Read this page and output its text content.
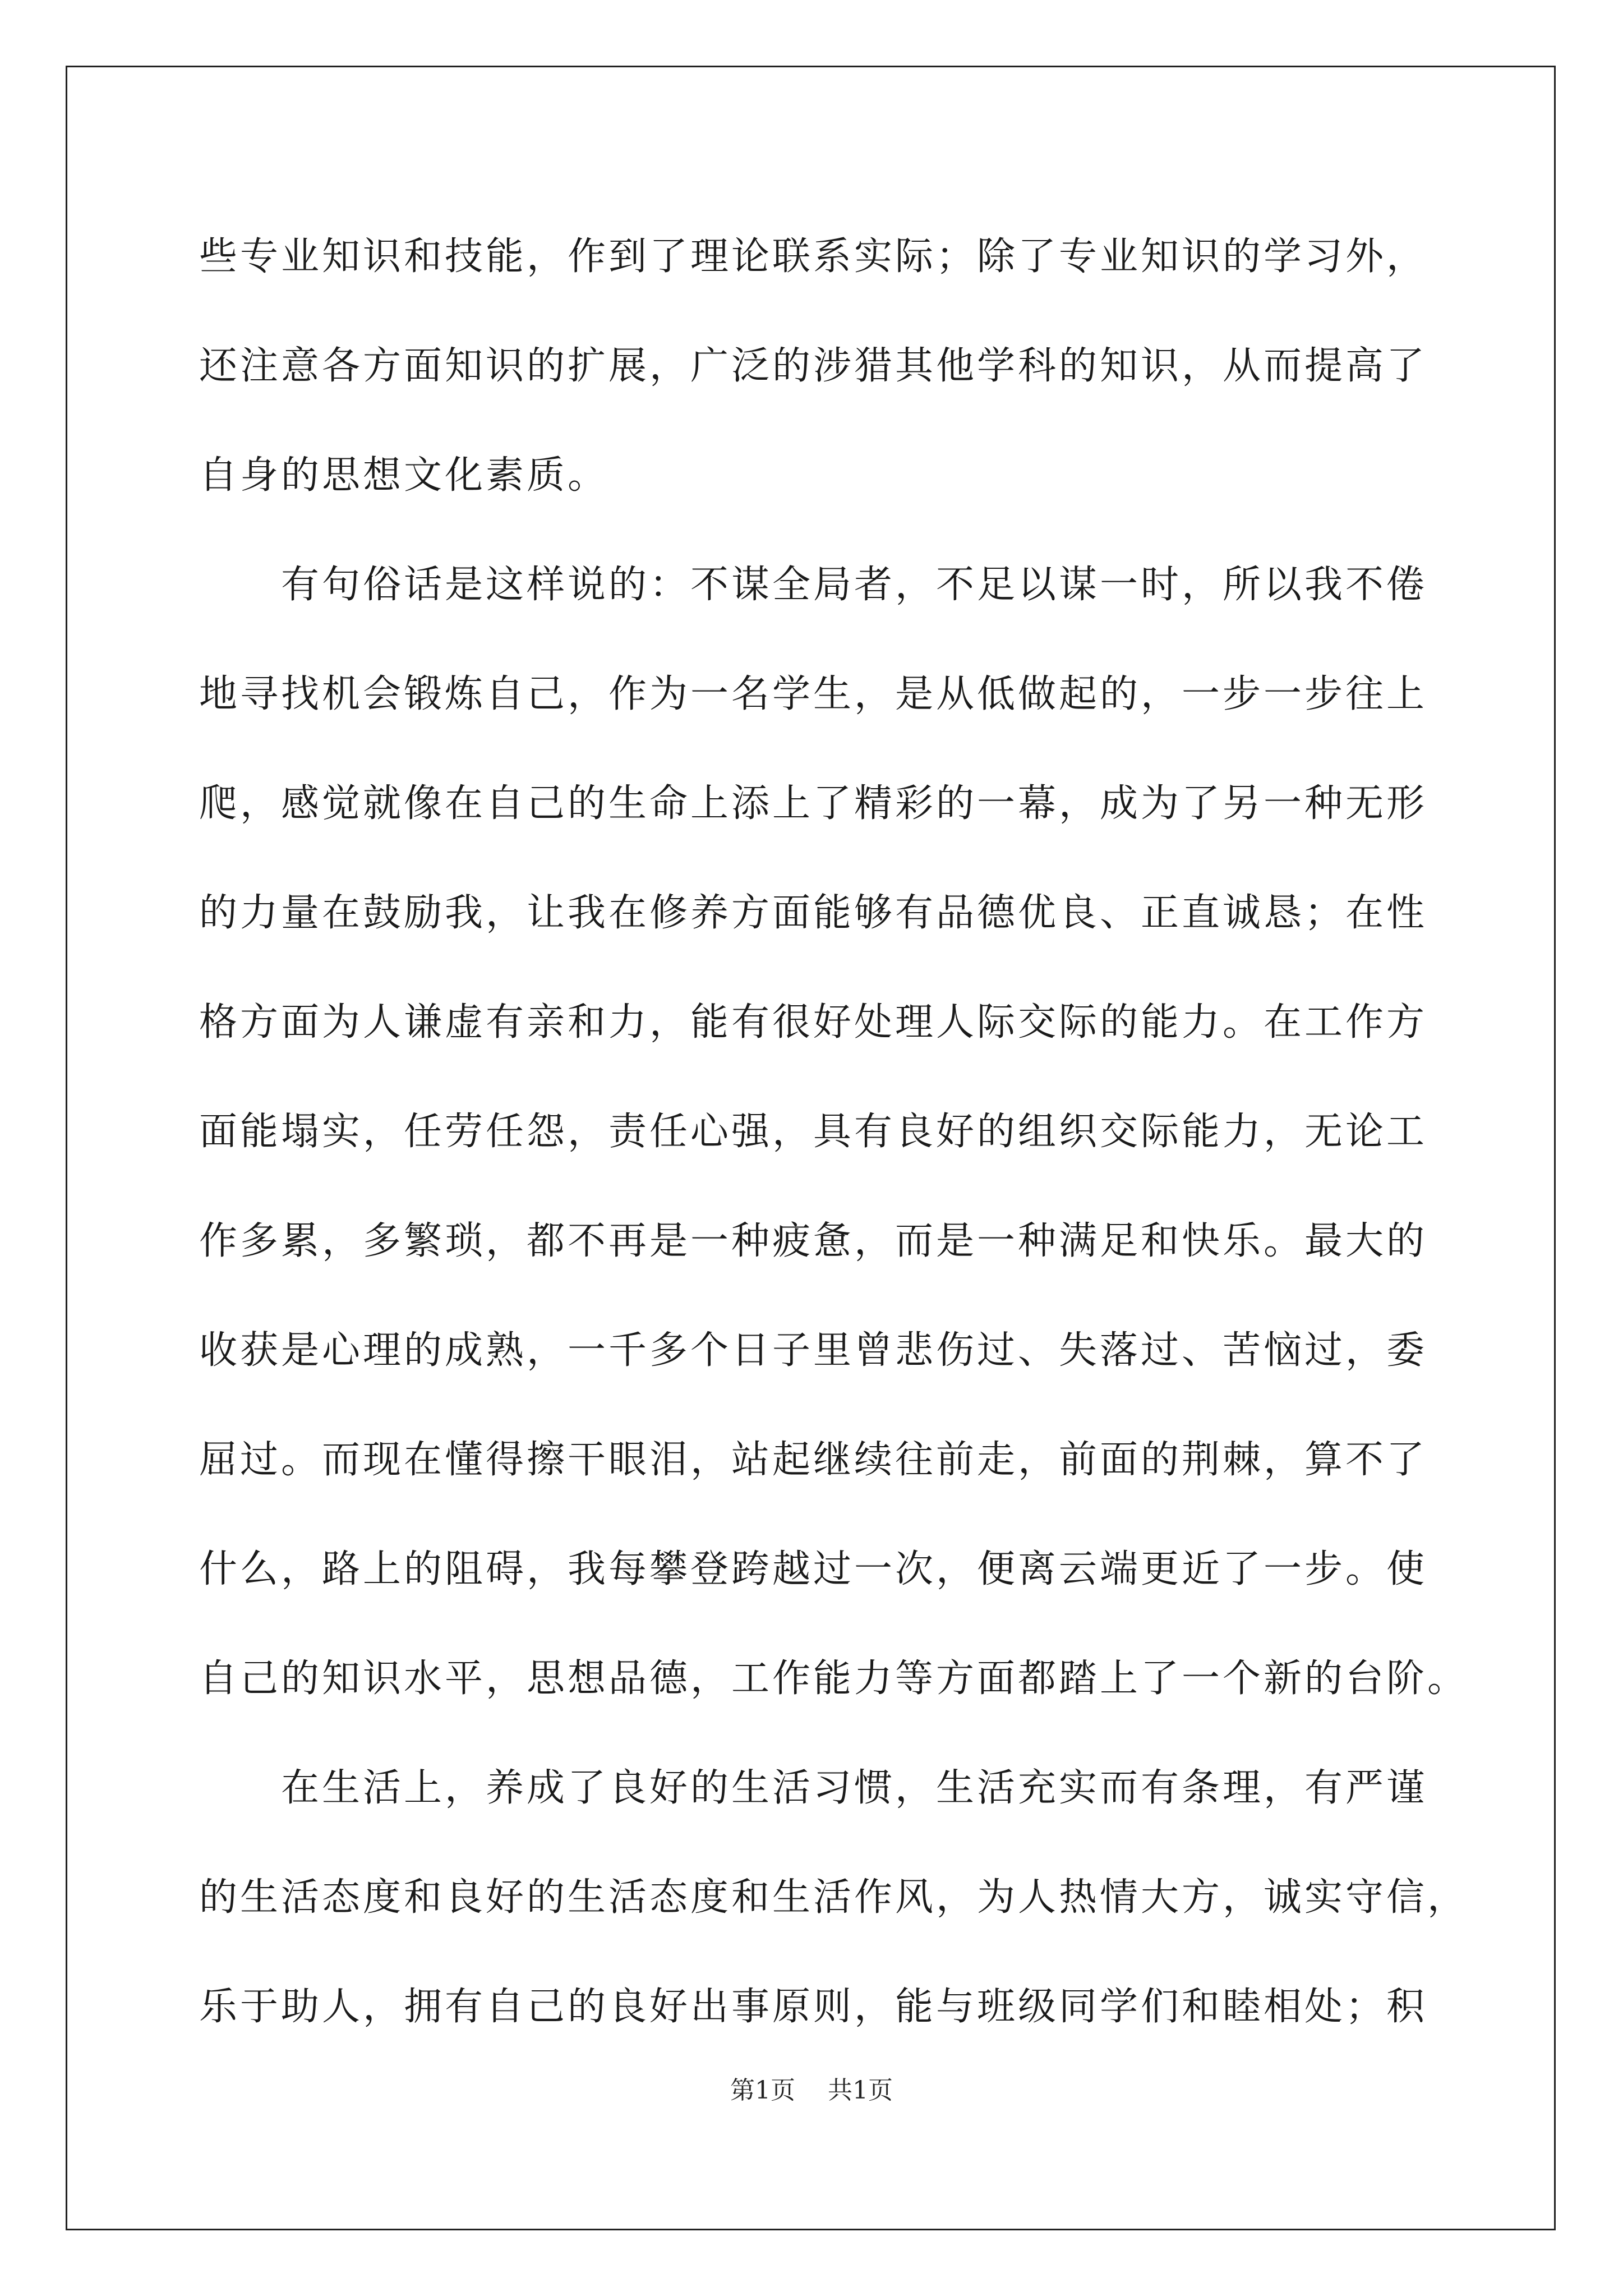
些专业知识和技能，作到了理论联系实际；除了专业知识的学习外，
还注意各方面知识的扩展，广泛的涉猎其他学科的知识，从而提高了
自身的思想文化素质。
　　有句俗话是这样说的：不谋全局者，不足以谋一时，所以我不倦
地寻找机会锻炼自己，作为一名学生，是从低做起的，一步一步往上
爬，感觉就像在自己的生命上添上了精彩的一幕，成为了另一种无形
的力量在鼓励我，让我在修养方面能够有品德优良、正直诚恳；在性
格方面为人谦虚有亲和力，能有很好处理人际交际的能力。在工作方
面能塌实，任劳任怨，责任心强，具有良好的组织交际能力，无论工
作多累，多繁琐，都不再是一种疲惫，而是一种满足和快乐。最大的
收获是心理的成熟，一千多个日子里曾悲伤过、失落过、苦恼过，委
屈过。而现在懂得擦干眼泪，站起继续往前走，前面的荆棘，算不了
什么，路上的阻碍，我每攀登跨越过一次，便离云端更近了一步。使
自己的知识水平，思想品德，工作能力等方面都踏上了一个新的台阶。
　　在生活上，养成了良好的生活习惯，生活充实而有条理，有严谨
的生活态度和良好的生活态度和生活作风，为人热情大方，诚实守信，
乐于助人，拥有自己的良好出事原则，能与班级同学们和睦相处；积
第1页 共1页
